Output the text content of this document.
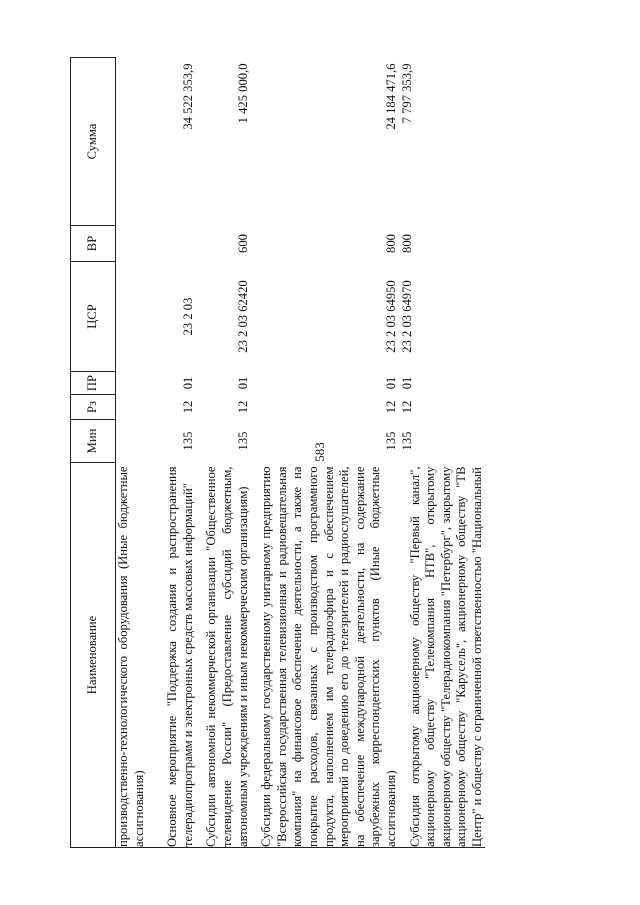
583
Наименование	Мин	Рз	ПР	ЦСР	ВР	Сумма
производственно-технологического оборудования (Иные бюджетные ассигнования)						
Основное мероприятие "Поддержка создания и распространения телерадиопрограмм и электронных средств массовых информаций"	135	12	01	23 2 03		34 522 353,9
Субсидии автономной некоммерческой организации "Общественное телевидение России" (Предоставление субсидий бюджетным, автономным учреждениям и иным некоммерческим организациям)	135	12	01	23 2 03 62420	600	1 425 000,0
Субсидии федеральному государственному унитарному предприятию "Всероссийская государственная телевизионная и радиовещательная компания" на финансовое обеспечение деятельности, а также на покрытие расходов, связанных с производством программного продукта, наполнением им телерадиоэфира и с обеспечением мероприятий по доведению его до телезрителей и радиослушателей, на обеспечение международной деятельности, на содержание зарубежных корреспондентских пунктов (Иные бюджетные ассигнования)	135	12	01	23 2 03 64950	800	24 184 471,6
Субсидия открытому акционерному обществу "Первый канал", акционерному обществу "Телекомпания НТВ", открытому акционерному обществу "Телерадиокомпания "Петербург", закрытому акционерному обществу "Карусель", акционерному обществу "ТВ Центр" и обществу с ограниченной ответственностью "Национальный	135	12	01	23 2 03 64970	800	7 797 353,9
